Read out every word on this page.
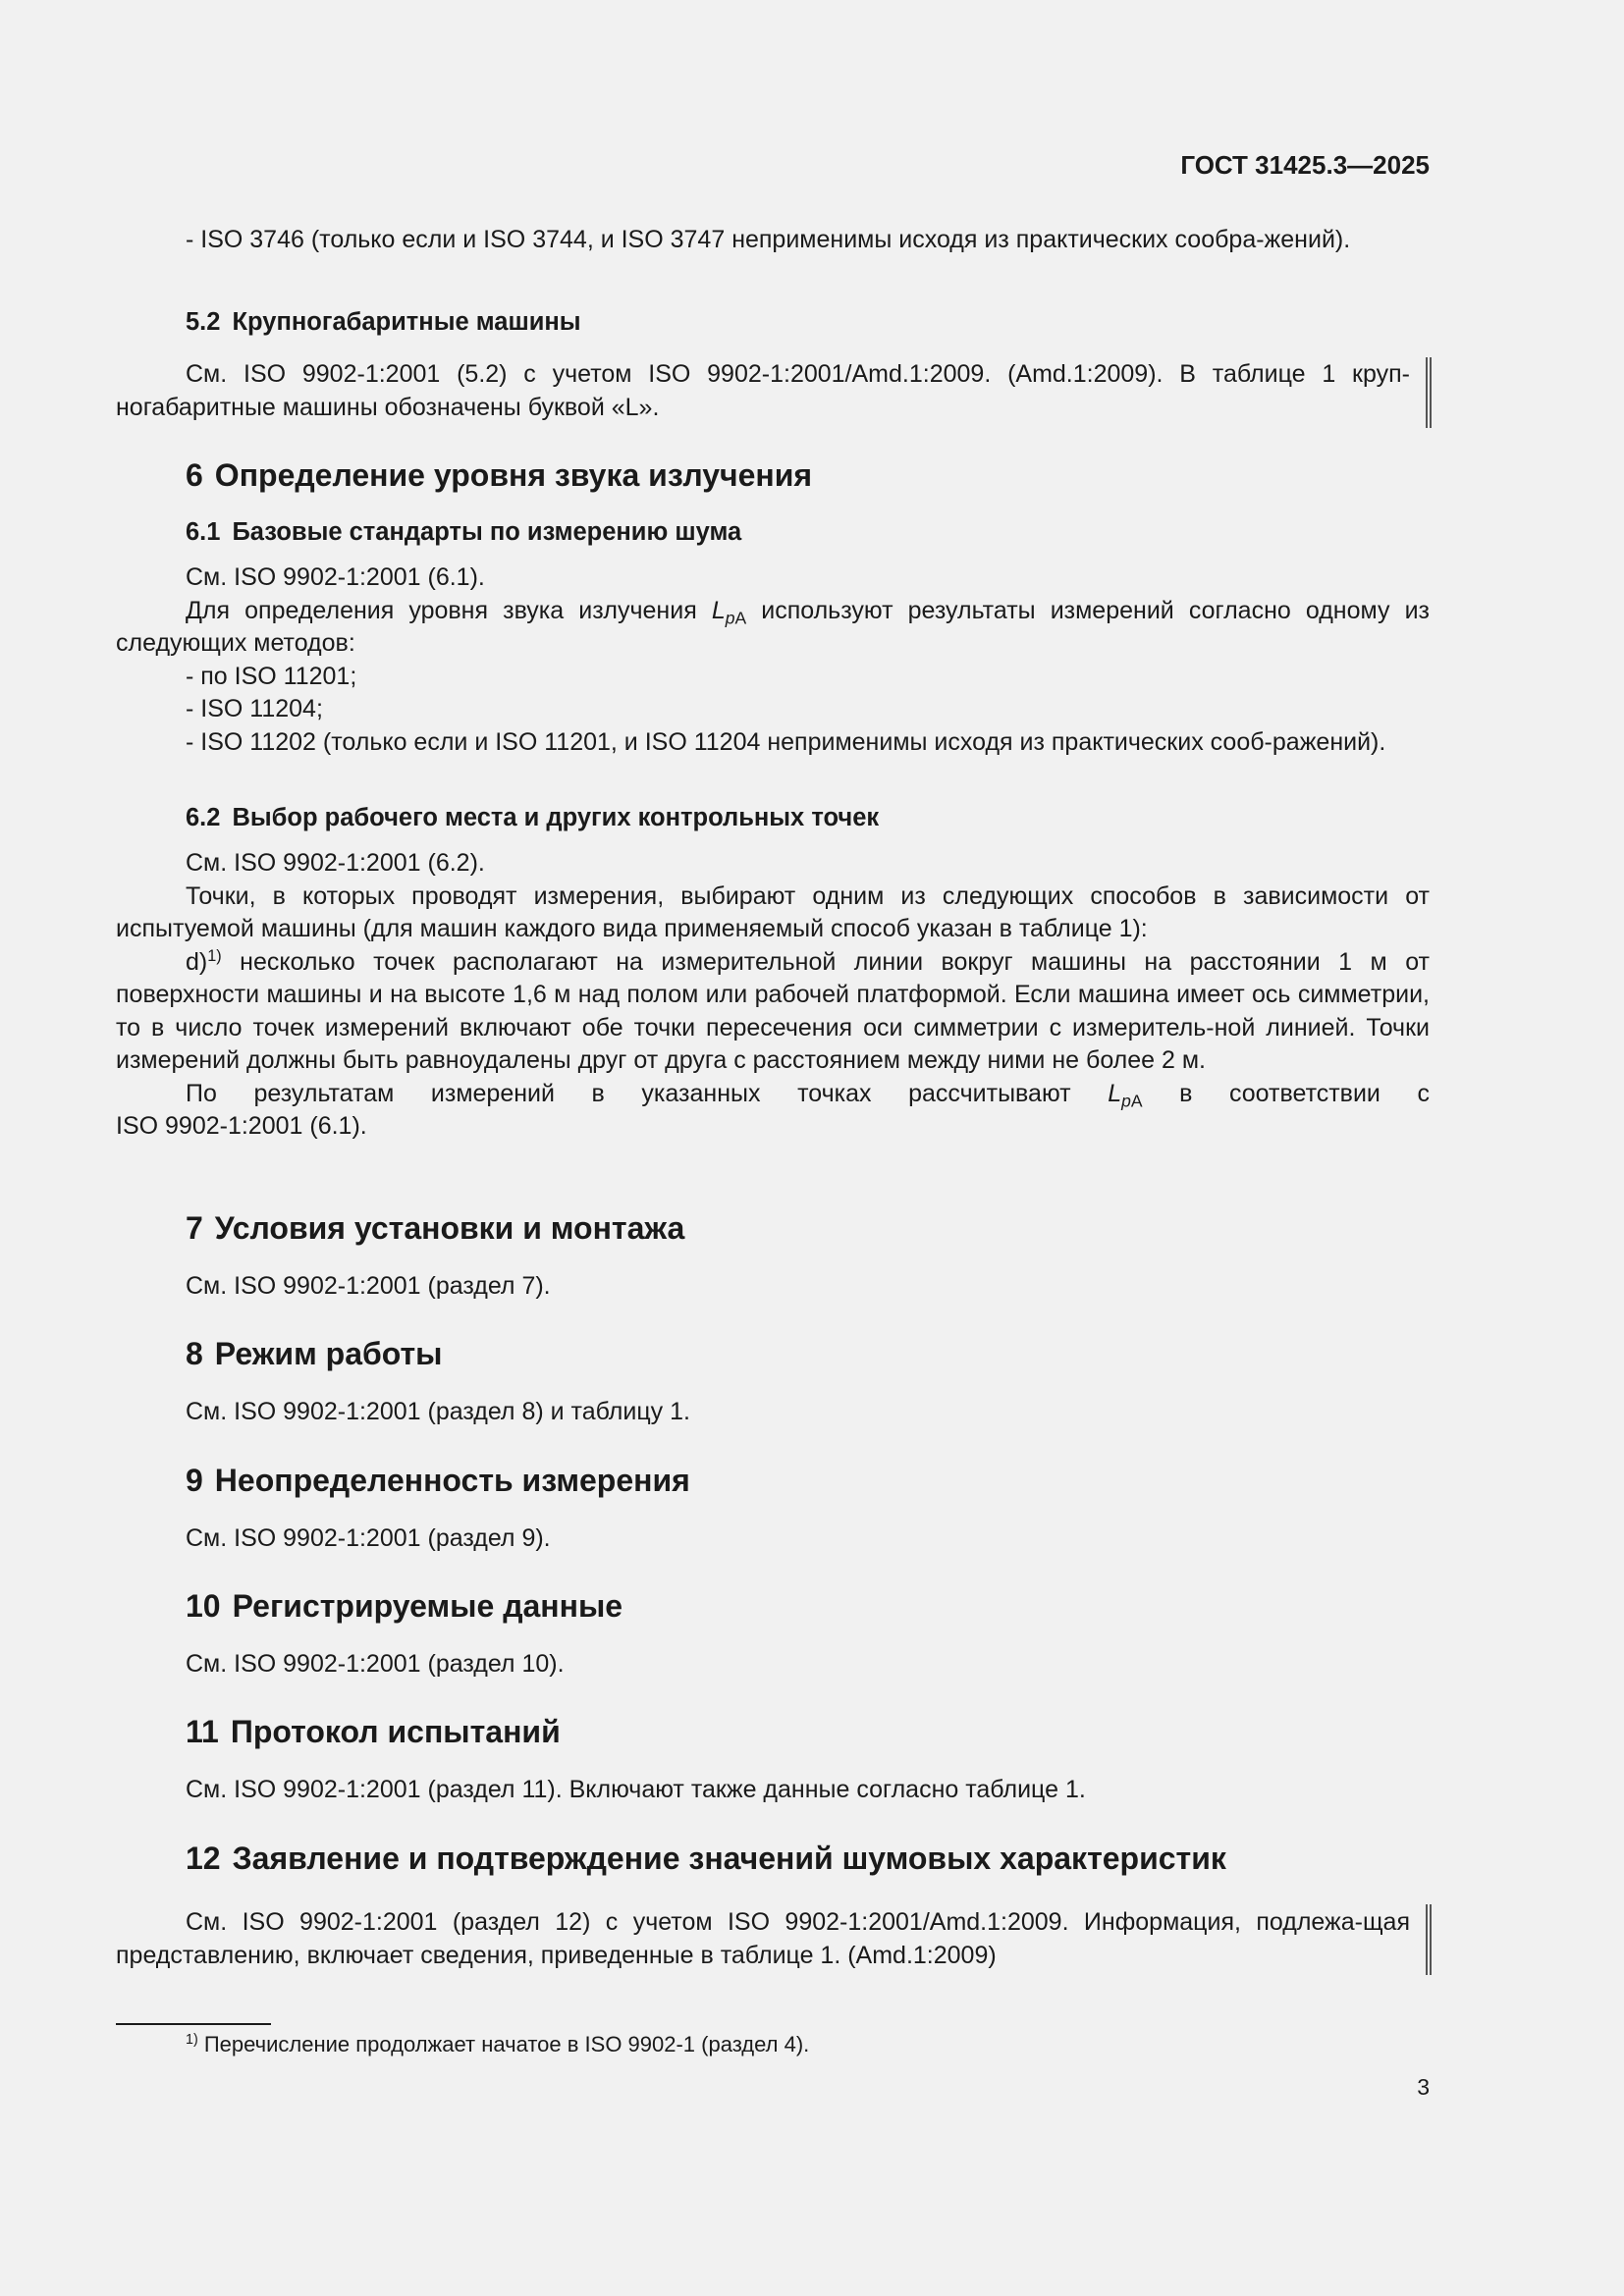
ГОСТ 31425.3—2025

- ISO 3746 (только если и ISO 3744, и ISO 3747 неприменимы исходя из практических сообра-жений).

5.2 Крупногабаритные машины

См. ISO 9902-1:2001 (5.2) с учетом ISO 9902-1:2001/Amd.1:2009. (Amd.1:2009). В таблице 1 круп-ногабаритные машины обозначены буквой «L».

6 Определение уровня звука излучения
6.1 Базовые стандарты по измерению шума
См. ISO 9902-1:2001 (6.1).
Для определения уровня звука излучения $L_{pA}$ используют результаты измерений согласно одному из следующих методов:
- по ISO 11201;
- ISO 11204;
- ISO 11202 (только если и ISO 11201, и ISO 11204 неприменимы исходя из практических сооб-ражений).
6.2 Выбор рабочего места и других контрольных точек
См. ISO 9902-1:2001 (6.2).
Точки, в которых проводят измерения, выбирают одним из следующих способов в зависимости от испытуемой машины (для машин каждого вида применяемый способ указан в таблице 1):
d)$^{1)}$ несколько точек располагают на измерительной линии вокруг машины на расстоянии 1 м от поверхности машины и на высоте 1,6 м над полом или рабочей платформой. Если машина имеет ось симметрии, то в число точек измерений включают обе точки пересечения оси симметрии с измеритель-ной линией. Точки измерений должны быть равноудалены друг от друга с расстоянием между ними не более 2 м.
По результатам измерений в указанных точках рассчитывают $L_{pA}$ в соответствии с
ISO 9902-1:2001 (6.1).
7 Условия установки и монтажа

См. ISO 9902-1:2001 (раздел 7).

8 Режим работы

См. ISO 9902-1:2001 (раздел 8) и таблицу 1.

9 Неопределенность измерения

См. ISO 9902-1:2001 (раздел 9).

10 Регистрируемые данные

См. ISO 9902-1:2001 (раздел 10).

11 Протокол испытаний

См. ISO 9902-1:2001 (раздел 11). Включают также данные согласно таблице 1.

12 Заявление и подтверждение значений шумовых характеристик

См. ISO 9902-1:2001 (раздел 12) с учетом ISO 9902-1:2001/Amd.1:2009. Информация, подлежа-щая представлению, включает сведения, приведенные в таблице 1. (Amd.1:2009)

$^{1)}$ Перечисление продолжает начатое в ISO 9902-1 (раздел 4).
3
